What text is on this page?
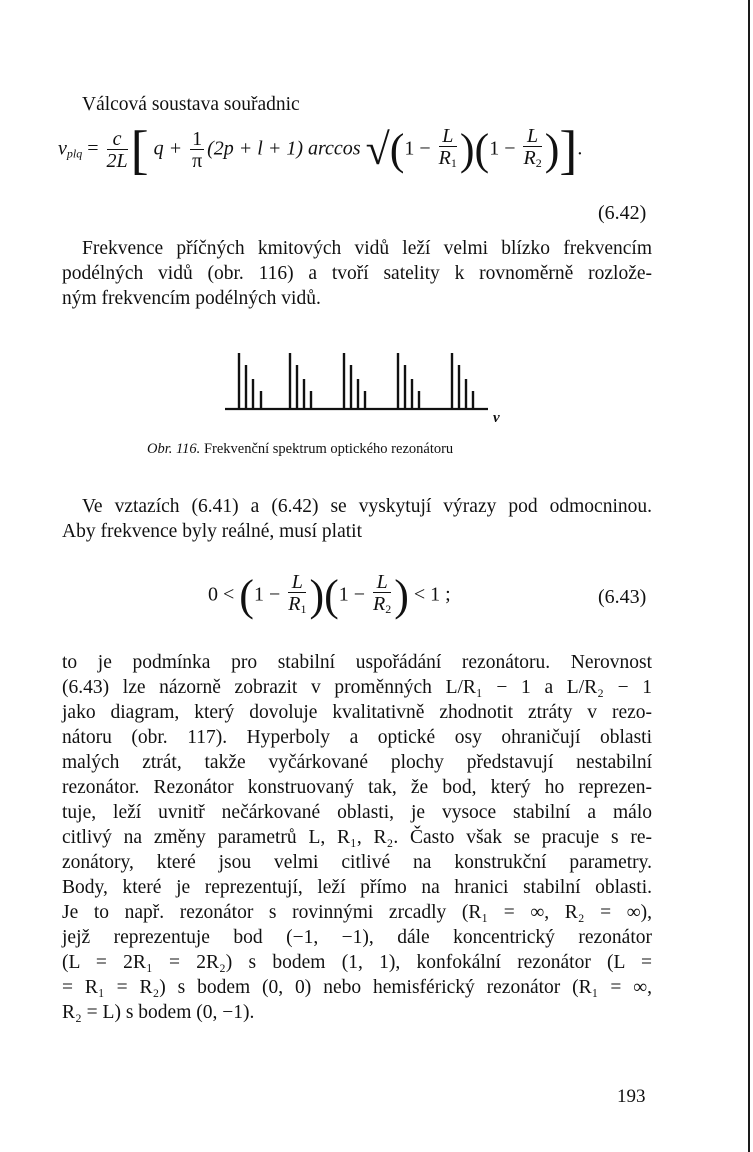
Válcová soustava souřadnic
$v_{plq} = \frac{c}{2L}$ [ $q + \frac{1}{\pi} (2p + l + 1)$ $\arccos √(1 - \frac{L}{R_1} )(1 - \frac{L}{R_2}$ )].
(6.42)
Frekvence příčných kmitových vidů leží velmi blízko frekvencím
podélných vidů (obr. 116) a tvoří satelity k rovnoměrně rozlože-
ným frekvencím podélných vidů.
ν
Obr. 116. Frekvenční spektrum optického rezonátoru
Ve vztazích (6.41) a (6.42) se vyskytují výrazy pod odmocninou.
Aby frekvence byly reálné, musí platit
$0 < (1 - \frac{L}{R_1} )(1 - \frac{L}{R_2}$ ) < 1 ;	(6.43)
to je podmínka pro stabilní uspořádání rezonátoru. Nerovnost
(6.43) lze názorně zobrazit v proměnných L/R₁ − 1 a L/R₂ − 1
jako diagram, který dovoluje kvalitativně zhodnotit ztráty v rezo-
nátoru (obr. 117). Hyperboly a optické osy ohraničují oblasti
malých ztrát, takže vyčárkované plochy představují nestabilní
rezonátor. Rezonátor konstruovaný tak, že bod, který ho reprezen-
tuje, leží uvnitř nečárkované oblasti, je vysoce stabilní a málo
citlivý na změny parametrů L, R₁, R₂. Často však se pracuje s re-
zonátory, které jsou velmi citlivé na konstrukční parametry.
Body, které je reprezentují, leží přímo na hranici stabilní oblasti.
Je to např. rezonátor s rovinnými zrcadly (R₁ = ∞, R₂ = ∞),
jejž reprezentuje bod (−1, −1), dále koncentrický rezonátor
(L = 2R₁ = 2R₂) s bodem (1, 1), konfokální rezonátor (L =
= R₁ = R₂) s bodem (0, 0) nebo hemisférický rezonátor (R₁ = ∞,
R₂ = L) s bodem (0, −1).
193
